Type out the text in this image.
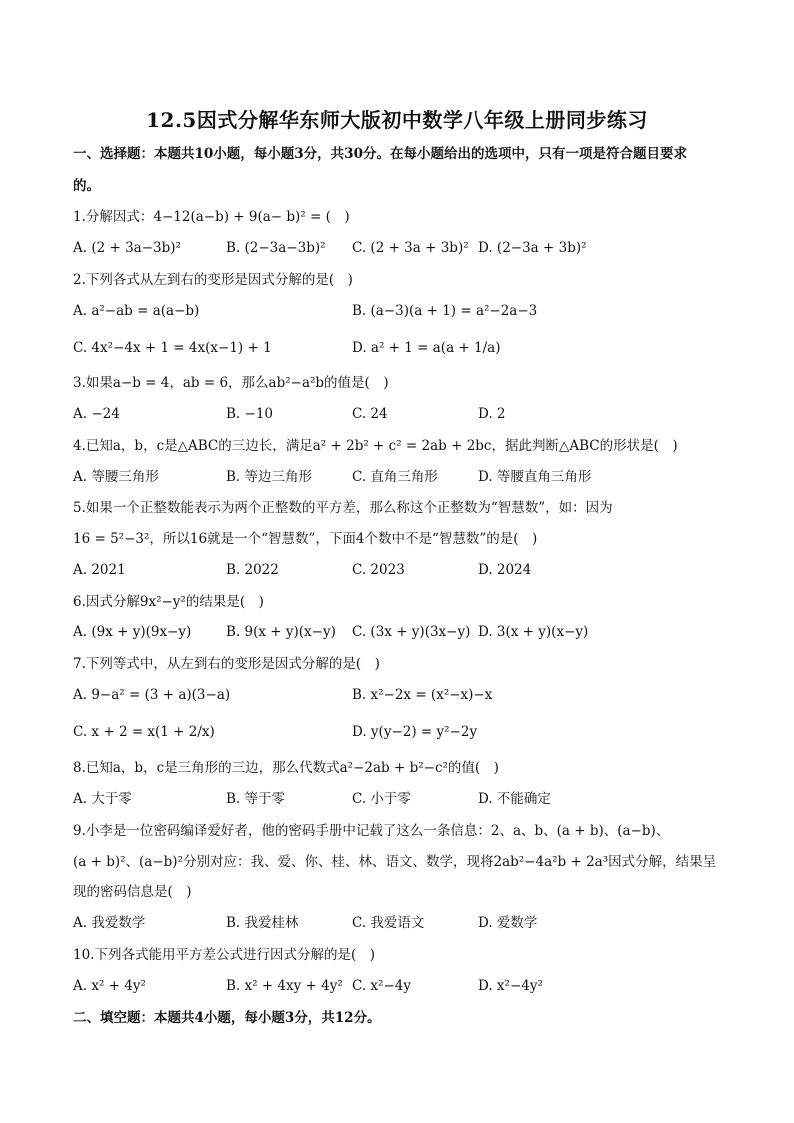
12.5因式分解华东师大版初中数学八年级上册同步练习
一、选择题：本题共10小题，每小题3分，共30分。在每小题给出的选项中，只有一项是符合题目要求
的。
1.分解因式：4−12(a−b) + 9(a− b)² = (　)
A. (2 + 3a−3b)²	B. (2−3a−3b)² C. (2 + 3a + 3b)² D. (2−3a + 3b)²
2.下列各式从左到右的变形是因式分解的是(　)
A. a²−ab = a(a−b)	B. (a−3)(a + 1) = a²−2a−3
C. 4x²−4x + 1 = 4x(x−1) + 1	D. a² + 1 = a(a + 1/a)
3.如果a−b = 4，ab = 6，那么ab²−a²b的值是(　)
A. −24	B. −10	C. 24	D. 2
4.已知a，b，c是△ABC的三边长，满足a² + 2b² + c² = 2ab + 2bc，据此判断△ABC的形状是(　)
A. 等腰三角形	B. 等边三角形	C. 直角三角形	D. 等腰直角三角形
5.如果一个正整数能表示为两个正整数的平方差，那么称这个正整数为“智慧数”，如：因为
16 = 5²−3²，所以16就是一个“智慧数”，下面4个数中不是“智慧数”的是(　)
A. 2021	B. 2022	C. 2023	D. 2024
6.因式分解9x²−y²的结果是(　)
A. (9x + y)(9x−y)	B. 9(x + y)(x−y) C. (3x + y)(3x−y) D. 3(x + y)(x−y)
7.下列等式中，从左到右的变形是因式分解的是(　)
A. 9−a² = (3 + a)(3−a)	B. x²−2x = (x²−x)−x
C. x + 2 = x(1 + 2/x)	D. y(y−2) = y²−2y
8.已知a，b，c是三角形的三边，那么代数式a²−2ab + b²−c²的值(　)
A. 大于零	B. 等于零	C. 小于零	D. 不能确定
9.小李是一位密码编译爱好者，他的密码手册中记载了这么一条信息：2、a、b、(a + b)、(a−b)、
(a + b)²、(a−b)²分别对应：我、爱、你、桂、林、语文、数学，现将2ab²−4a²b + 2a³因式分解，结果呈
现的密码信息是(　)
A. 我爱数学	B. 我爱桂林	C. 我爱语文	D. 爱数学
10.下列各式能用平方差公式进行因式分解的是(　)
A. x² + 4y²	B. x² + 4xy + 4y² C. x²−4y	D. x²−4y²
二、填空题：本题共4小题，每小题3分，共12分。
